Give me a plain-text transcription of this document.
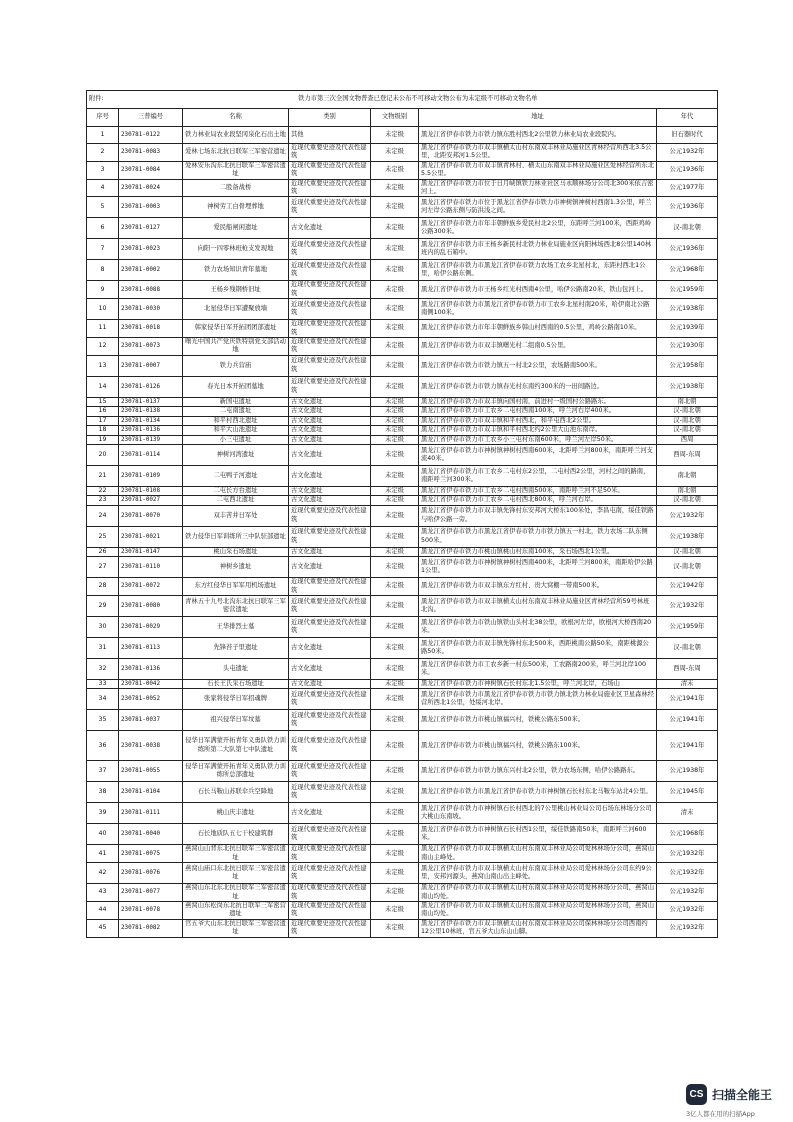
附件:	铁力市第三次全国文物普查已登记未公布不可移动文物公布为未定级不可移动文物名单					
序号	三普编号	名称	类别	文物级别	地址	年代
1	230781-0122	铁力林业局农业段坚冈泉化石出土地	其他	未定级	黑龙江省伊春市铁力市铁力镇东胜村西北2公里铁力林业局农业段院内。	旧石器时代
2	230781-0083	爱林七场东北抗日联军三军密营遗址	近现代重要史迹及代表性建筑	未定级	黑龙江省伊春市铁力市双丰镇横太山村东南双丰林业局施业区青林经营所西北3.5公里，北距安邦河1.5公里。	公元1932年
3	230781-0084	爱林安乐沟东北抗日联军三军密营遗址	近现代重要史迹及代表性建筑	未定级	黑龙江省伊春市铁力市双丰镇青林村、横太山东南双丰林业局施业区爱林经营所东北5.5公里。	公元1936年
4	230781-0024	二股备战桥	近现代重要史迹及代表性建筑	未定级	黑龙江省伊春市铁力市位于日月峡镇铁力林业社区马永顺林场分公司北300米依吉密河上。	公元1977年
5	230781-0003	神树劳工白骨埋葬地	近现代重要史迹及代表性建筑	未定级	黑龙江省伊春市铁力市位于黑龙江省伊春市铁力市神树镇神树村西南1.3公里，呼兰河左岸公路东侧与防洪浅之间。	公元1936年
6	230781-0127	爱民船闸闲遗址	古文化遗址	未定级	黑龙江省伊春市铁力市年丰朝鲜族乡爱民村北2公里，东距呼兰河100米，西距鸡岭公路300米。	汉-南北朝
7	230781-0023	向阳一四零林班枪支发现地	近现代重要史迹及代表性建筑	未定级	黑龙江省伊春市铁力市王杨乡新民村北铁力林业局施业区向阳林场西北8公里140林班内的乱石箱中。	公元1936年
8	230781-0002	铁力农场知识青年墓地	近现代重要史迹及代表性建筑	未定级	黑龙江省伊春市铁力市黑龙江省伊春市铁力农场工农乡北星村北，东距村西北1公里，哈伊公路东侧。	公元1968年
9	230781-0088	王杨乡残钢桥旧址	近现代重要史迹及代表性建筑	未定级	黑龙江省伊春市铁力市王杨乡红光村西南4公里，哈伊公路南20米，铁山包河上。	公元1959年
10	230781-0030	北星侵华日军遭聚放墙	近现代重要史迹及代表性建筑	未定级	黑龙江省伊春市铁力市黑龙江省伊春市铁力市工农乡北星村南20米，哈伊南北公路南侧100米。	公元1938年
11	230781-0018	韩家侵华日军开拓团团部遗址	近现代重要史迹及代表性建筑	未定级	黑龙江省伊春市铁力市年丰朝鲜族乡韩山村西南的0.5公里，鸡岭公路南10米。	公元1939年
12	230781-0073	曙光中国共产党庆铁特别党支部活动地	近现代重要史迹及代表性建筑	未定级	黑龙江省伊春市铁力市双丰镇曙光村二组南0.5公里。	公元1930年
13	230781-0007	铁力兵营庙	近现代重要史迹及代表性建筑	未定级	黑龙江省伊春市铁力市铁力镇五一村北2公里，农场路南500米。	公元1958年
14	230781-0126	春光日本开拓团墓地	近现代重要史迹及代表性建筑	未定级	黑龙江省伊春市铁力市铁力镇春光村东南约300米的一田间路边。	公元1938年
15	230781-0137	新国屯遗址	古文化遗址	未定级	黑龙江省伊春市铁力市双丰镇向国村南，前进村一级国村公路路东。	南北朝
16	230781-0138	二屯南遗址	古文化遗址	未定级	黑龙江省伊春市铁力市工农乡二屯村西南100米，呼兰河右岸400米。	汉-南北朝
17	230781-0134	和平村西北遗址	古文化遗址	未定级	黑龙江省伊春市铁力市双丰镇和平村西北，和平屯西北2公里。	汉-南北朝
18	230781-0136	和平大山池遗址	古文化遗址	未定级	黑龙江省伊春市铁力市双丰镇和平村西北约2公里大山池东南岸。	汉-南北朝
19	230781-0139	小三屯遗址	古文化遗址	未定级	黑龙江省伊春市铁力市工农乡小三屯村东南600米，呼兰河左岸50米。	西周
20	230781-0114	神树河湾遗址	古文化遗址	未定级	黑龙江省伊春市铁力市神树镇神树村西南600米，北距呼兰河800米，南距呼兰河支流40米。	西周-东周
21	230781-0109	二屯鸭子河遗址	古文化遗址	未定级	黑龙江省伊春市铁力市工农乡二屯村东2公里，二屯村西2公里，河村之间的路南，南距呼兰河300米。	南北朝
22	230781-0108	二屯长方台遗址	古文化遗址	未定级	黑龙江省伊春市铁力市工农乡二屯村西南500米，南距呼兰河不足50米。	南北朝
23	230781-0027	二屯西北遗址	古文化遗址	未定级	黑龙江省伊春市铁力市工农乡二屯村西北800米，呼兰河右岸。	汉-南北朝
24	230781-0070	双丰苦井日军处	近现代重要史迹及代表性建筑	未定级	黑龙江省伊春市铁力市双丰镇先锋村东安邦河大桥东100米处，李昌屯南，绥佳铁路与哈伊公路一旁。	公元1932年
25	230781-0021	铁力侵华日军训练所三中队驻部遗址	近现代重要史迹及代表性建筑	未定级	黑龙江省伊春市铁力市黑龙江省伊春市铁力市铁力镇五一村北，铁力农场二队东侧500米。	公元1938年
26	230781-0147	桃山采石场遗址	古文化遗址	未定级	黑龙江省伊春市铁力市桃山镇桃山村东南100米，采石场西北1公里。	汉-南北朝
27	230781-0110	神树乡遗址	古文化遗址	未定级	黑龙江省伊春市铁力市神树镇神树村西南400米，北距呼兰河800米，南距哈伊公路1公里。	汉-南北朝
28	230781-0072	东方红侵华日军军用机场遗址	近现代重要史迹及代表性建筑	未定级	黑龙江省伊春市铁力市双丰镇东方红村、贵大窝棚一带南500米。	公元1942年
29	230781-0080	青林五十九号北沟东北抗日联军三军密营遗址	近现代重要史迹及代表性建筑	未定级	黑龙江省伊春市铁力市双丰镇横太山村东南双丰林业局施业区青林经营所59号林班北沟。	公元1932年
30	230781-0029	王华排烈士墓	近现代重要史迹及代表性建筑	未定级	黑龙江省伊春市铁力市铁山镇铁山头村北38公里，欧根河左岸，欧根河大桥西南20米。	公元1959年
31	230781-0113	先锋苔子里遗址	古文化遗址	未定级	黑龙江省伊春市铁力市双丰镇先锋村东北500米，西距桃南公路50米，南距桃源公路50米。	汉-南北朝
32	230781-0136	头屯遗址	古文化遗址	未定级	黑龙江省伊春市铁力市工农乡新一村东500米，工农路南200米，呼兰河北岸100米。	西周-东周
33	230781-0042	石长王氏采石场遗址	古文化遗址	未定级	黑龙江省伊春市铁力市神树镇石长村东北1.5公里，呼兰河北岸，石场山	清末
34	230781-0052	张家将侵华日军招魂牌	近现代重要史迹及代表性建筑	未定级	黑龙江省伊春市铁力市黑龙江省伊春市铁力市铁力镇北铁力林业局施业区卫星森林经营所西北1公里，处绥河北岸。	公元1941年
35	230781-0037	祖兴侵华日军坟墓	近现代重要史迹及代表性建筑	未定级	黑龙江省伊春市铁力市桃山镇福兴村，铁桃公路东500米。	公元1941年
36	230781-0038	侵华日军满蒙开拓青年义勇队铁力训练所第二大队第七中队遗址	近现代重要史迹及代表性建筑	未定级	黑龙江省伊春市铁力市桃山镇福兴村，铁桃公路东100米。	公元1941年
37	230781-0055	侵华日军满蒙开拓青年义勇队铁力训练所总部遗址	近现代重要史迹及代表性建筑	未定级	黑龙江省伊春市铁力市铁力镇东兴村北2公里，铁力农场东侧，哈伊公路路东。	公元1938年
38	230781-0104	石长马鞍山苏联伞兵空降地	近现代重要史迹及代表性建筑	未定级	黑龙江省伊春市铁力市黑龙江省伊春市铁力市神树镇石长村东北马鞍车站北4公里。	公元1945年
39	230781-0111	桃山庆丰遗址	古文化遗址	未定级	黑龙江省伊春市铁力市神树镇石长村西北的7公里桃山林业局公司石场东林场分公司大桃山东南坡。	清末
40	230781-0040	石长地质队五七干校建筑群	近现代重要史迹及代表性建筑	未定级	黑龙江省伊春市铁力市神树镇石长村西1公里，绥佳铁路南50米，南距呼兰河600米。	公元1968年
41	230781-0075	燕窝山山背东北抗日联军三军密营遗址	近现代重要史迹及代表性建筑	未定级	黑龙江省伊春市铁力市双丰镇横太山村东南双丰林业局公司爱林林场分公司，燕窝山南山主峰处。	公元1932年
42	230781-0076	燕窝山庙口东北抗日联军三军密营遗址	近现代重要史迹及代表性建筑	未定级	黑龙江省伊春市铁力市双丰镇横太山村东南双丰林业局公司爱林林场分公司东约9公里，安邦河源头，燕窝山南山出主峰处。	公元1932年
43	230781-0077	燕窝山东北东北抗日联军三军密营遗址	近现代重要史迹及代表性建筑	未定级	黑龙江省伊春市铁力市双丰镇横太山村东南双丰林业局公司爱林林场分公司，燕窝山南山均处。	公元1932年
44	230781-0078	燕窝山东松岗东北抗日联军三军密营遗址	近现代重要史迹及代表性建筑	未定级	黑龙江省伊春市铁力市双丰镇横太山村东南双丰林业局公司爱林林场分公司，燕窝山南山均处。	公元1932年
45	230781-0082	官五爷大山东北抗日联军三军密营遗址	近现代重要史迹及代表性建筑	未定级	黑龙江省伊春市铁力市双丰镇横太山村东南双丰林业局公司保林林场分公司西南约12公里10林班，官五爷大山东山山脚。	公元1932年
CS 扫描全能王
3亿人都在用的扫描App
